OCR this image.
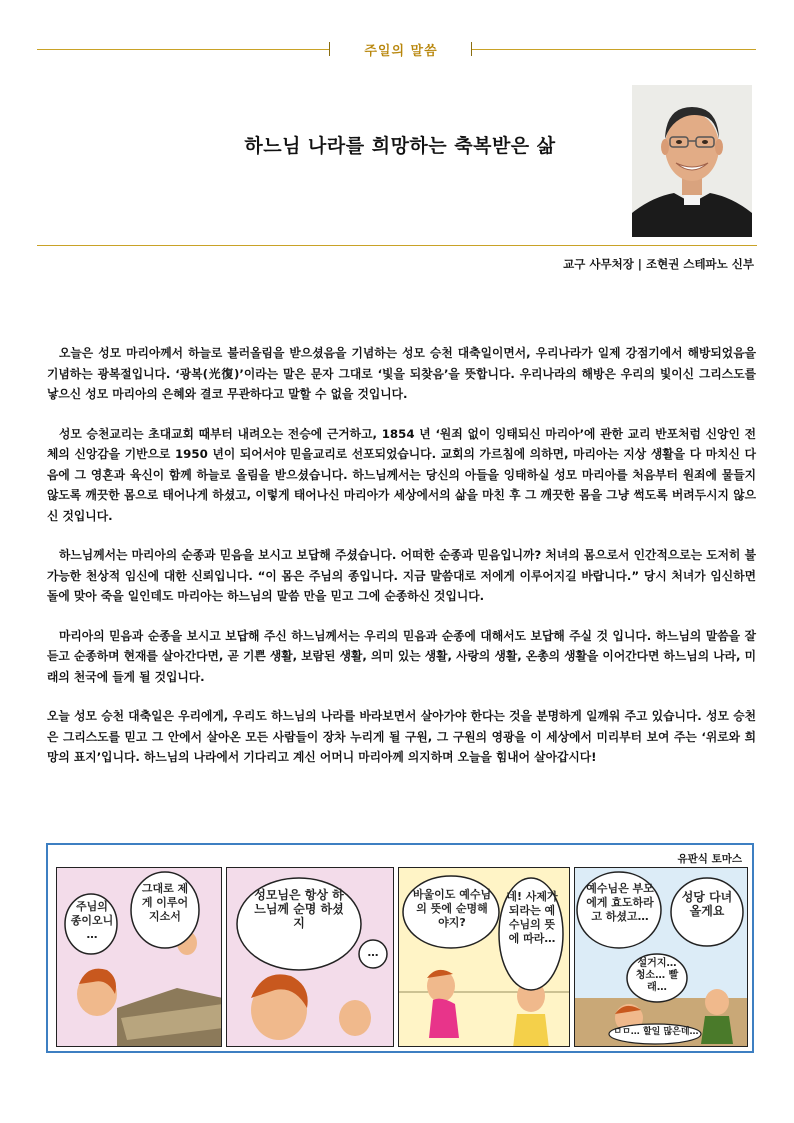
주일의 말씀
하느님 나라를 희망하는 축복받은 삶
교구 사무처장 | 조현권 스테파노 신부

오늘은 성모 마리아께서 하늘로 불러올림을 받으셨음을 기념하는 성모 승천 대축일이면서, 우리나라가 일제 강점기에서 해방되었음을 기념하는 광복절입니다. ‘광복(光復)’이라는 말은 문자 그대로 ‘빛을 되찾음’을 뜻합니다. 우리나라의 해방은 우리의 빛이신 그리스도를 낳으신 성모 마리아의 은혜와 결코 무관하다고 말할 수 없을 것입니다.

성모 승천교리는 초대교회 때부터 내려오는 전승에 근거하고, 1854 년 ‘원죄 없이 잉태되신 마리아’에 관한 교리 반포처럼 신앙인 전체의 신앙감을 기반으로 1950 년이 되어서야 믿을교리로 선포되었습니다. 교회의 가르침에 의하면, 마리아는 지상 생활을 다 마치신 다음에 그 영혼과 육신이 함께 하늘로 올림을 받으셨습니다. 하느님께서는 당신의 아들을 잉태하실 성모 마리아를 처음부터 원죄에 물들지 않도록 깨끗한 몸으로 태어나게 하셨고, 이렇게 태어나신 마리아가 세상에서의 삶을 마친 후 그 깨끗한 몸을 그냥 썩도록 버려두시지 않으신 것입니다.

하느님께서는 마리아의 순종과 믿음을 보시고 보답해 주셨습니다. 어떠한 순종과 믿음입니까? 처녀의 몸으로서 인간적으로는 도저히 불가능한 천상적 임신에 대한 신뢰입니다. “이 몸은 주님의 종입니다. 지금 말씀대로 저에게 이루어지길 바랍니다.” 당시 처녀가 임신하면 돌에 맞아 죽을 일인데도 마리아는 하느님의 말씀 만을 믿고 그에 순종하신 것입니다.

마리아의 믿음과 순종을 보시고 보답해 주신 하느님께서는 우리의 믿음과 순종에 대해서도 보답해 주실 것 입니다. 하느님의 말씀을 잘 듣고 순종하며 현재를 살아간다면, 곧 기쁜 생활, 보람된 생활, 의미 있는 생활, 사랑의 생활, 온총의 생활을 이어간다면 하느님의 나라, 미래의 천국에 들게 될 것입니다.

오늘 성모 승천 대축일은 우리에게, 우리도 하느님의 나라를 바라보면서 살아가야 한다는 것을 분명하게 일깨워 주고 있습니다. 성모 승천은 그리스도를 믿고 그 안에서 살아온 모든 사람들이 장차 누리게 될 구원, 그 구원의 영광을 이 세상에서 미리부터 보여 주는 ‘위로와 희망의 표지’입니다. 하느님의 나라에서 기다리고 계신 어머니 마리아께 의지하며 오늘을 힘내어 살아갑시다!

유판식 토마스
주님의 종이오니 …
그대로 제게 이루어 지소서
성모님은 항상 하느님께 순명 하셨지
…
바울이도 예수님의 뜻에 순명해야지?
네! 사제가 되라는 예수님의 뜻에 따라…
예수님은 부모에게 효도하라고 하셨고…
성당 다녀 올게요
설거지… 청소… 빨래…
ㅁㅁ… 할일 많은데…
